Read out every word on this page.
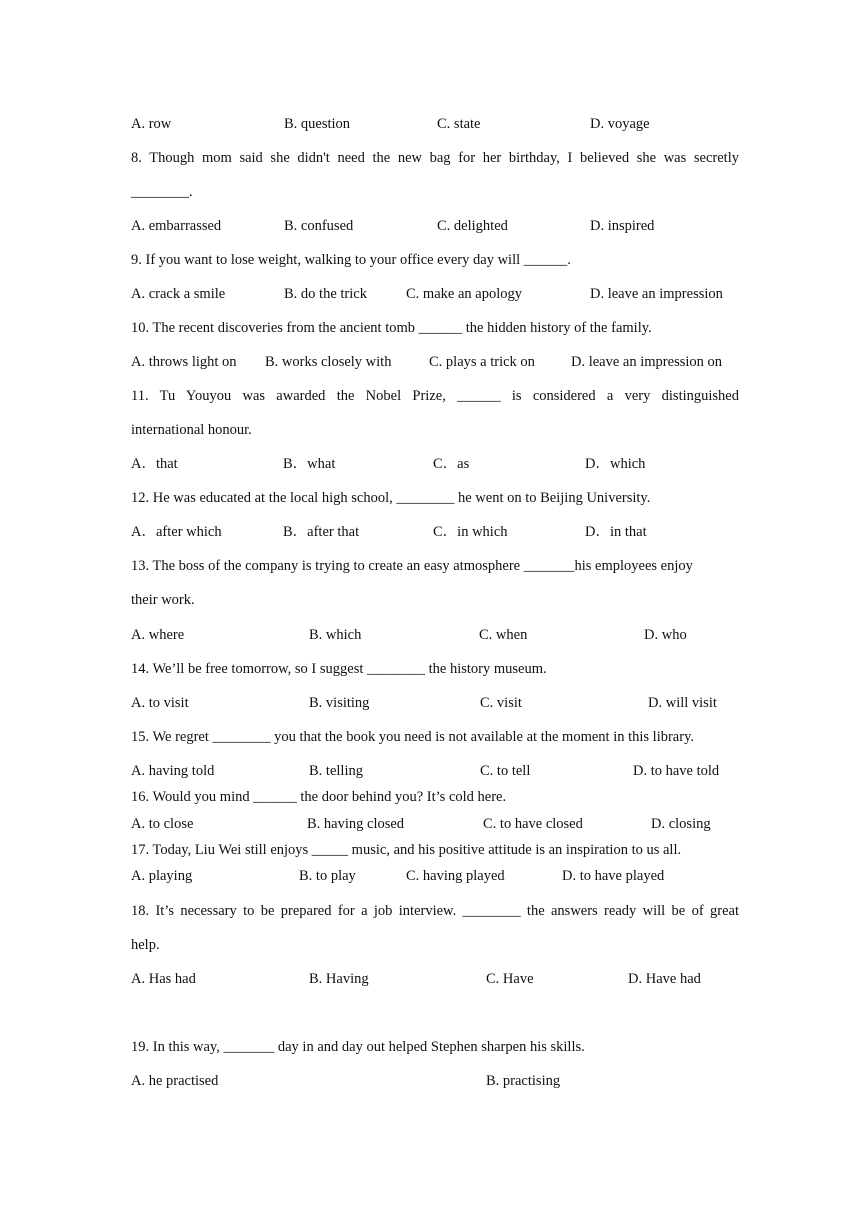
A. row	B. question	C. state	D. voyage
8. Though mom said she didn't need the new bag for her birthday, I believed she was secretly
________.
A. embarrassed	B. confused	C. delighted	D. inspired
9. If you want to lose weight, walking to your office every day will ______.
A. crack a smile	B. do the trick	C. make an apology	D. leave an impression
10. The recent discoveries from the ancient tomb ______ the hidden history of the family.
A. throws light on B. works closely with	C. plays a trick on D. leave an impression on
11. Tu Youyou was awarded the Nobel Prize, ______ is considered a very distinguished
international honour.
A．that	B．what	C．as	D．which
12. He was educated at the local high school, ________ he went on to Beijing University.
A．after which	B．after that	C．in which	D．in that
13. The boss of the company is trying to create an easy atmosphere _______his employees enjoy
their work.
A. where	B. which	C. when	D. who
14. We’ll be free tomorrow, so I suggest ________ the history museum.
A. to visit	B. visiting	C. visit	D. will visit
15. We regret ________ you that the book you need is not available at the moment in this library.
A. having told	B. telling	C. to tell	D. to have told
16. Would you mind ______ the door behind you? It’s cold here.
A. to close	B. having closed	C. to have closed	D. closing
17. Today, Liu Wei still enjoys _____ music, and his positive attitude is an inspiration to us all.
A. playing	B. to play	C. having played	D. to have played
18. It’s necessary to be prepared for a job interview. ________ the answers ready will be of great
help.
A. Has had	B. Having	C. Have	D. Have had
19. In this way, _______ day in and day out helped Stephen sharpen his skills.
A. he practised	B. practising
